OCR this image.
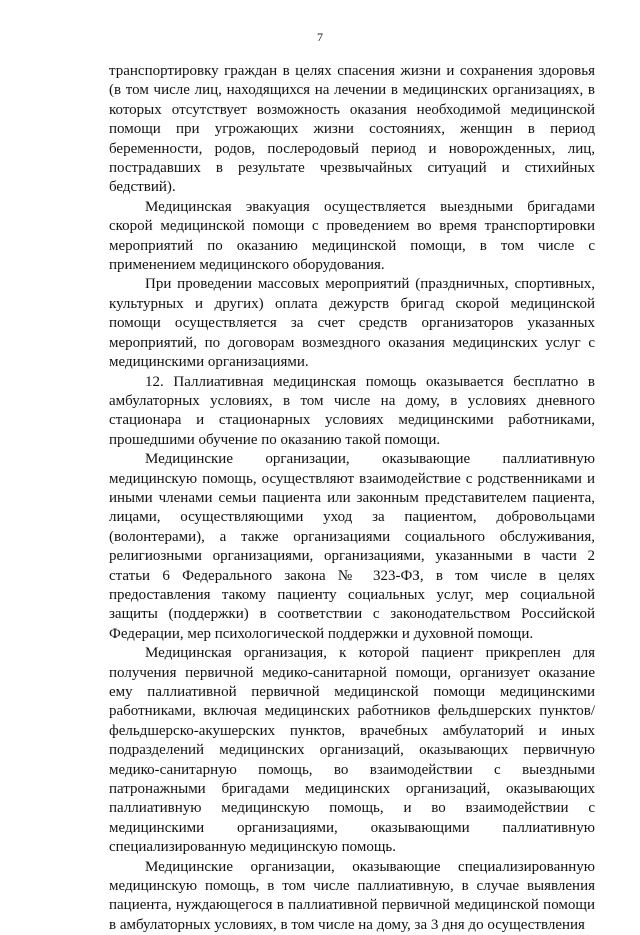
7

транспортировку граждан в целях спасения жизни и сохранения здоровья (в том числе лиц, находящихся на лечении в медицинских организациях, в которых отсутствует возможность оказания необходимой медицинской помощи при угрожающих жизни состояниях, женщин в период беременности, родов, послеродовый период и новорожденных, лиц, пострадавших в результате чрезвычайных ситуаций и стихийных бедствий).

Медицинская эвакуация осуществляется выездными бригадами скорой медицинской помощи с проведением во время транспортировки мероприятий по оказанию медицинской помощи, в том числе с применением медицинского оборудования.

При проведении массовых мероприятий (праздничных, спортивных, культурных и других) оплата дежурств бригад скорой медицинской помощи осуществляется за счет средств организаторов указанных мероприятий, по договорам возмездного оказания медицинских услуг с медицинскими организациями.

12. Паллиативная медицинская помощь оказывается бесплатно в амбулаторных условиях, в том числе на дому, в условиях дневного стационара и стационарных условиях медицинскими работниками, прошедшими обучение по оказанию такой помощи.

Медицинские организации, оказывающие паллиативную медицинскую помощь, осуществляют взаимодействие с родственниками и иными членами семьи пациента или законным представителем пациента, лицами, осуществляющими уход за пациентом, добровольцами (волонтерами), а также организациями социального обслуживания, религиозными организациями, организациями, указанными в части 2 статьи 6 Федерального закона № 323-ФЗ, в том числе в целях предоставления такому пациенту социальных услуг, мер социальной защиты (поддержки) в соответствии с законодательством Российской Федерации, мер психологической поддержки и духовной помощи.

Медицинская организация, к которой пациент прикреплен для получения первичной медико-санитарной помощи, организует оказание ему паллиативной первичной медицинской помощи медицинскими работниками, включая медицинских работников фельдшерских пунктов/фельдшерско-акушерских пунктов, врачебных амбулаторий и иных подразделений медицинских организаций, оказывающих первичную медико-санитарную помощь, во взаимодействии с выездными патронажными бригадами медицинских организаций, оказывающих паллиативную медицинскую помощь, и во взаимодействии с медицинскими организациями, оказывающими паллиативную специализированную медицинскую помощь.

Медицинские организации, оказывающие специализированную медицинскую помощь, в том числе паллиативную, в случае выявления пациента, нуждающегося в паллиативной первичной медицинской помощи в амбулаторных условиях, в том числе на дому, за 3 дня до осуществления
